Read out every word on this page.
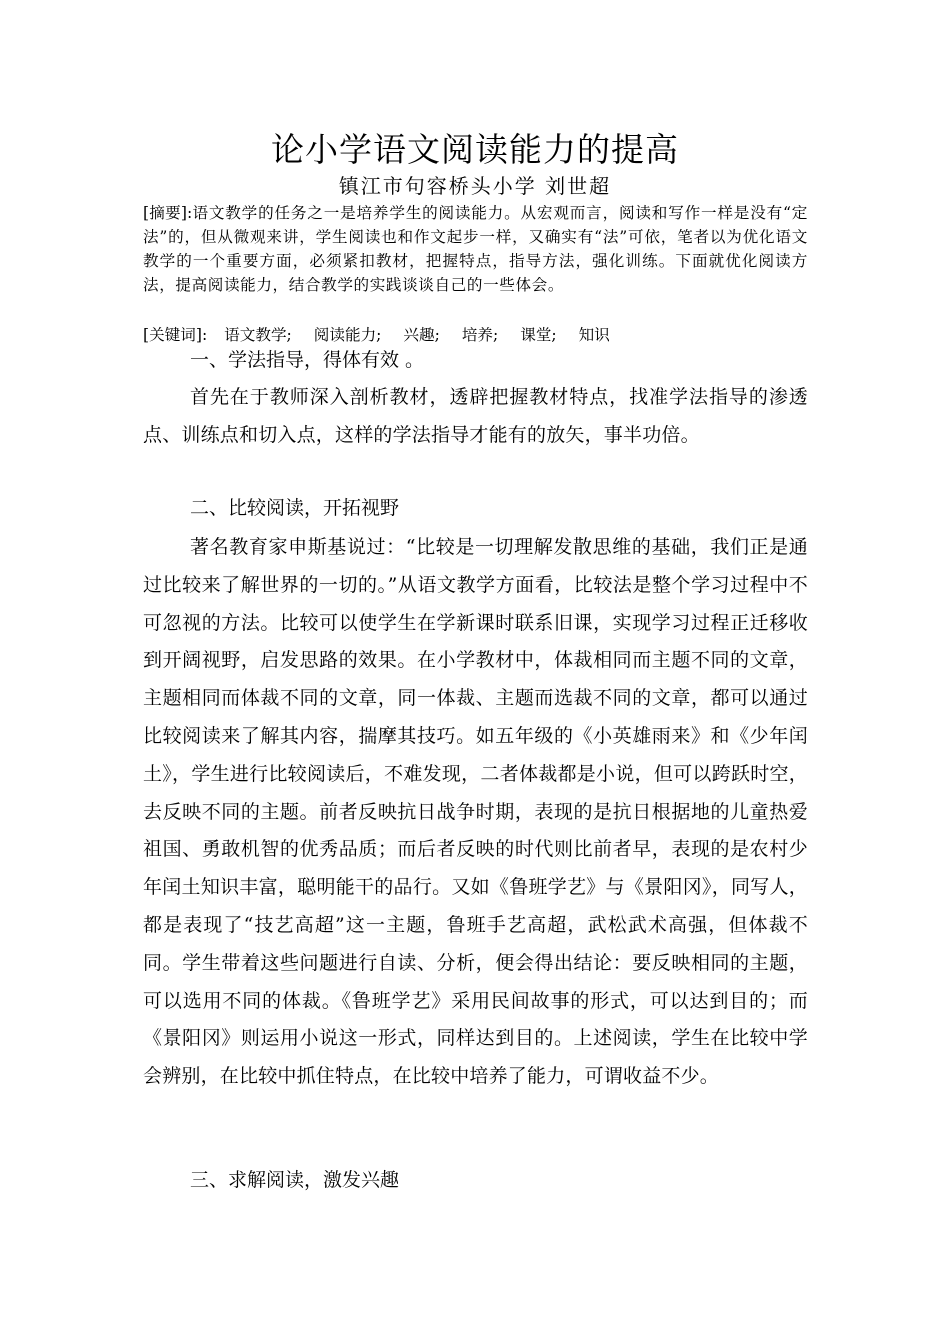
论小学语文阅读能力的提高
镇江市句容桥头小学 刘世超
[摘要]:语文教学的任务之一是培养学生的阅读能力。从宏观而言，阅读和写作一样是没有“定法”的，但从微观来讲，学生阅读也和作文起步一样，又确实有“法”可依，笔者以为优化语文教学的一个重要方面，必须紧扣教材，把握特点，指导方法，强化训练。下面就优化阅读方法，提高阅读能力，结合教学的实践谈谈自己的一些体会。
[关键词]: 语文教学; 阅读能力; 兴趣; 培养; 课堂; 知识
一、学法指导，得体有效 。
首先在于教师深入剖析教材，透辟把握教材特点，找准学法指导的渗透点、训练点和切入点，这样的学法指导才能有的放矢，事半功倍。
二、比较阅读，开拓视野
著名教育家申斯基说过：“比较是一切理解发散思维的基础，我们正是通过比较来了解世界的一切的。”从语文教学方面看，比较法是整个学习过程中不可忽视的方法。比较可以使学生在学新课时联系旧课，实现学习过程正迁移收到开阔视野，启发思路的效果。在小学教材中，体裁相同而主题不同的文章，主题相同而体裁不同的文章，同一体裁、主题而选裁不同的文章，都可以通过比较阅读来了解其内容，揣摩其技巧。如五年级的《小英雄雨来》和《少年闰土》，学生进行比较阅读后，不难发现，二者体裁都是小说，但可以跨跃时空，去反映不同的主题。前者反映抗日战争时期，表现的是抗日根据地的儿童热爱祖国、勇敢机智的优秀品质；而后者反映的时代则比前者早，表现的是农村少年闰土知识丰富，聪明能干的品行。又如《鲁班学艺》与《景阳冈》，同写人，都是表现了“技艺高超”这一主题，鲁班手艺高超，武松武术高强，但体裁不同。学生带着这些问题进行自读、分析，便会得出结论：要反映相同的主题，可以选用不同的体裁。《鲁班学艺》采用民间故事的形式，可以达到目的；而《景阳冈》则运用小说这一形式，同样达到目的。上述阅读，学生在比较中学会辨别，在比较中抓住特点，在比较中培养了能力，可谓收益不少。
三、求解阅读，激发兴趣
